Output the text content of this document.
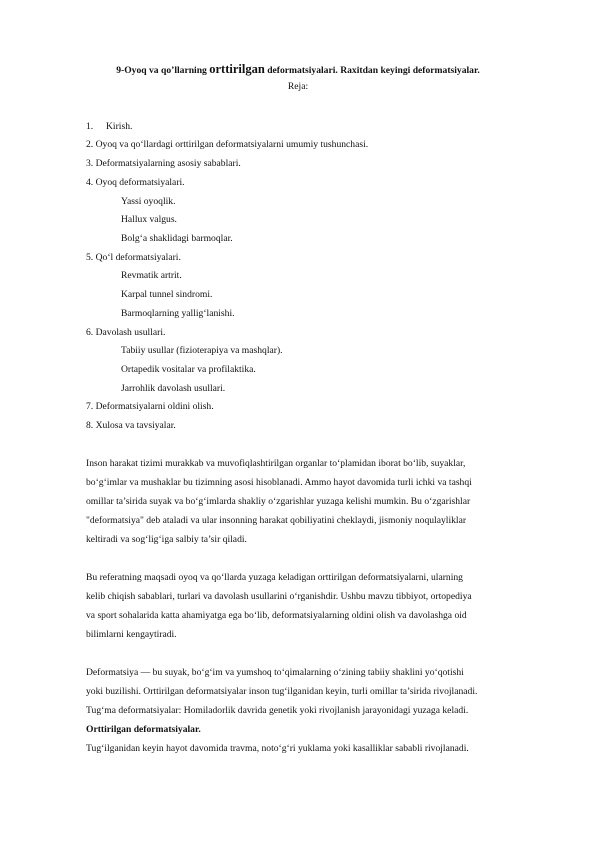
9-Oyoq va qo’llarning orttirilgan deformatsiyalari. Raxitdan keyingi deformatsiyalar.
Reja:
1. Kirish.
2. Oyoq va qo‘llardagi orttirilgan deformatsiyalarni umumiy tushunchasi.
3. Deformatsiyalarning asosiy sabablari.
4. Oyoq deformatsiyalari.
Yassi oyoqlik.
Hallux valgus.
Bolg‘a shaklidagi barmoqlar.
5. Qo‘l deformatsiyalari.
Revmatik artrit.
Karpal tunnel sindromi.
Barmoqlarning yallig‘lanishi.
6. Davolash usullari.
Tabiiy usullar (fizioterapiya va mashqlar).
Ortapedik vositalar va profilaktika.
Jarrohlik davolash usullari.
7. Deformatsiyalarni oldini olish.
8. Xulosa va tavsiyalar.
Inson harakat tizimi murakkab va muvofiqlashtirilgan organlar to‘plamidan iborat bo‘lib, suyaklar,
bo‘g‘imlar va mushaklar bu tizimning asosi hisoblanadi. Ammo hayot davomida turli ichki va tashqi
omillar ta’sirida suyak va bo‘g‘imlarda shakliy o‘zgarishlar yuzaga kelishi mumkin. Bu o‘zgarishlar
"deformatsiya" deb ataladi va ular insonning harakat qobiliyatini cheklaydi, jismoniy noqulayliklar
keltiradi va sog‘lig‘iga salbiy ta’sir qiladi.
Bu referatning maqsadi oyoq va qo‘llarda yuzaga keladigan orttirilgan deformatsiyalarni, ularning
kelib chiqish sabablari, turlari va davolash usullarini o‘rganishdir. Ushbu mavzu tibbiyot, ortopediya
va sport sohalarida katta ahamiyatga ega bo‘lib, deformatsiyalarning oldini olish va davolashga oid
bilimlarni kengaytiradi.
Deformatsiya — bu suyak, bo‘g‘im va yumshoq to‘qimalarning o‘zining tabiiy shaklini yo‘qotishi
yoki buzilishi. Orttirilgan deformatsiyalar inson tug‘ilganidan keyin, turli omillar ta’sirida rivojlanadi.
Tug‘ma deformatsiyalar: Homiladorlik davrida genetik yoki rivojlanish jarayonidagi yuzaga keladi.
Orttirilgan deformatsiyalar.
Tug‘ilganidan keyin hayot davomida travma, noto‘g‘ri yuklama yoki kasalliklar sababli rivojlanadi.
